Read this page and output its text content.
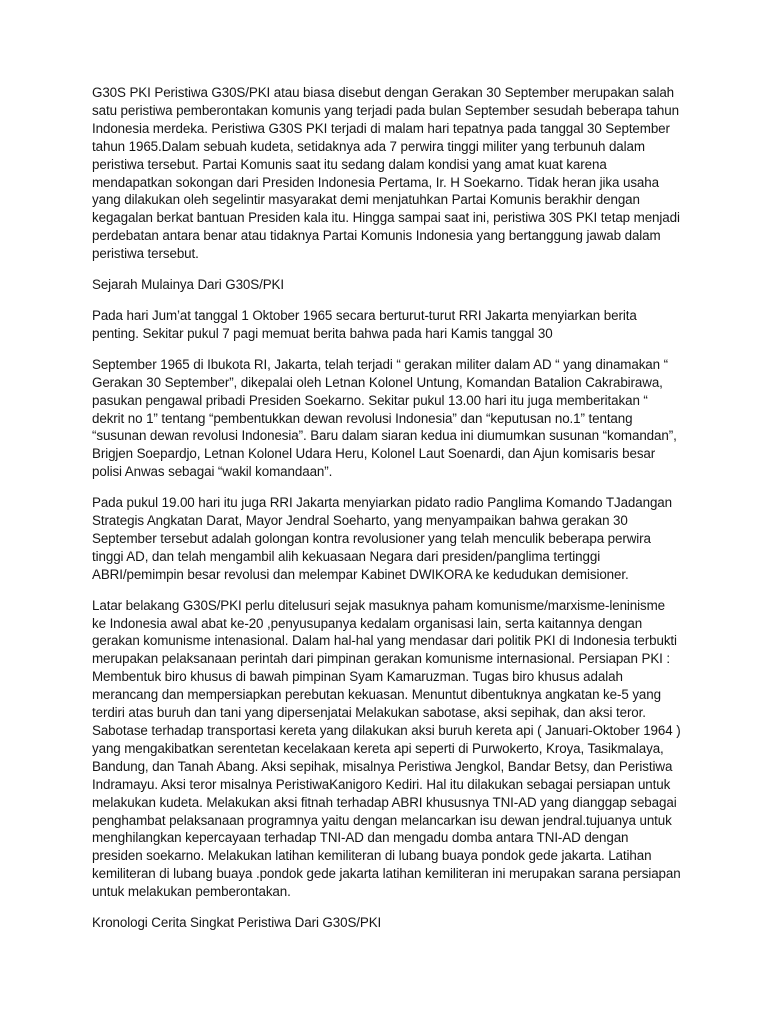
G30S PKI Peristiwa G30S/PKI atau biasa disebut dengan Gerakan 30 September merupakan salah satu peristiwa pemberontakan komunis yang terjadi pada bulan September sesudah beberapa tahun Indonesia merdeka. Peristiwa G30S PKI terjadi di malam hari tepatnya pada tanggal 30 September tahun 1965.Dalam sebuah kudeta, setidaknya ada 7 perwira tinggi militer yang terbunuh dalam peristiwa tersebut. Partai Komunis saat itu sedang dalam kondisi yang amat kuat karena mendapatkan sokongan dari Presiden Indonesia Pertama, Ir. H Soekarno. Tidak heran jika usaha yang dilakukan oleh segelintir masyarakat demi menjatuhkan Partai Komunis berakhir dengan kegagalan berkat bantuan Presiden kala itu. Hingga sampai saat ini, peristiwa 30S PKI tetap menjadi perdebatan antara benar atau tidaknya Partai Komunis Indonesia yang bertanggung jawab dalam peristiwa tersebut.

Sejarah Mulainya Dari G30S/PKI

Pada hari Jum’at tanggal 1 Oktober 1965 secara berturut-turut RRI Jakarta menyiarkan berita penting. Sekitar pukul 7 pagi memuat berita bahwa pada hari Kamis tanggal 30

September 1965 di Ibukota RI, Jakarta, telah terjadi “ gerakan militer dalam AD “ yang dinamakan “ Gerakan 30 September”, dikepalai oleh Letnan Kolonel Untung, Komandan Batalion Cakrabirawa, pasukan pengawal pribadi Presiden Soekarno. Sekitar pukul 13.00 hari itu juga memberitakan “ dekrit no 1” tentang “pembentukkan dewan revolusi Indonesia” dan “keputusan no.1” tentang “susunan dewan revolusi Indonesia”. Baru dalam siaran kedua ini diumumkan susunan “komandan”, Brigjen Soepardjo, Letnan Kolonel Udara Heru, Kolonel Laut Soenardi, dan Ajun komisaris besar polisi Anwas sebagai “wakil komandaan”.

Pada pukul 19.00 hari itu juga RRI Jakarta menyiarkan pidato radio Panglima Komando TJadangan Strategis Angkatan Darat, Mayor Jendral Soeharto, yang menyampaikan bahwa gerakan 30 September tersebut adalah golongan kontra revolusioner yang telah menculik beberapa perwira tinggi AD, dan telah mengambil alih kekuasaan Negara dari presiden/panglima tertinggi ABRI/pemimpin besar revolusi dan melempar Kabinet DWIKORA ke kedudukan demisioner.

Latar belakang G30S/PKI perlu ditelusuri sejak masuknya paham komunisme/marxisme-leninisme ke Indonesia awal abat ke-20 ,penyusupanya kedalam organisasi lain, serta kaitannya dengan gerakan komunisme intenasional. Dalam hal-hal yang mendasar dari politik PKI di Indonesia terbukti merupakan pelaksanaan perintah dari pimpinan gerakan komunisme internasional. Persiapan PKI : Membentuk biro khusus di bawah pimpinan Syam Kamaruzman. Tugas biro khusus adalah merancang dan mempersiapkan perebutan kekuasan. Menuntut dibentuknya angkatan ke-5 yang terdiri atas buruh dan tani yang dipersenjatai Melakukan sabotase, aksi sepihak, dan aksi teror. Sabotase terhadap transportasi kereta yang dilakukan aksi buruh kereta api ( Januari-Oktober 1964 ) yang mengakibatkan serentetan kecelakaan kereta api seperti di Purwokerto, Kroya, Tasikmalaya, Bandung, dan Tanah Abang. Aksi sepihak, misalnya Peristiwa Jengkol, Bandar Betsy, dan Peristiwa Indramayu. Aksi teror misalnya PeristiwaKanigoro Kediri. Hal itu dilakukan sebagai persiapan untuk melakukan kudeta. Melakukan aksi fitnah terhadap ABRI khususnya TNI-AD yang dianggap sebagai penghambat pelaksanaan programnya yaitu dengan melancarkan isu dewan jendral.tujuanya untuk menghilangkan kepercayaan terhadap TNI-AD dan mengadu domba antara TNI-AD dengan presiden soekarno. Melakukan latihan kemiliteran di lubang buaya pondok gede jakarta. Latihan kemiliteran di lubang buaya .pondok gede jakarta latihan kemiliteran ini merupakan sarana persiapan untuk melakukan pemberontakan.

Kronologi Cerita Singkat Peristiwa Dari G30S/PKI
